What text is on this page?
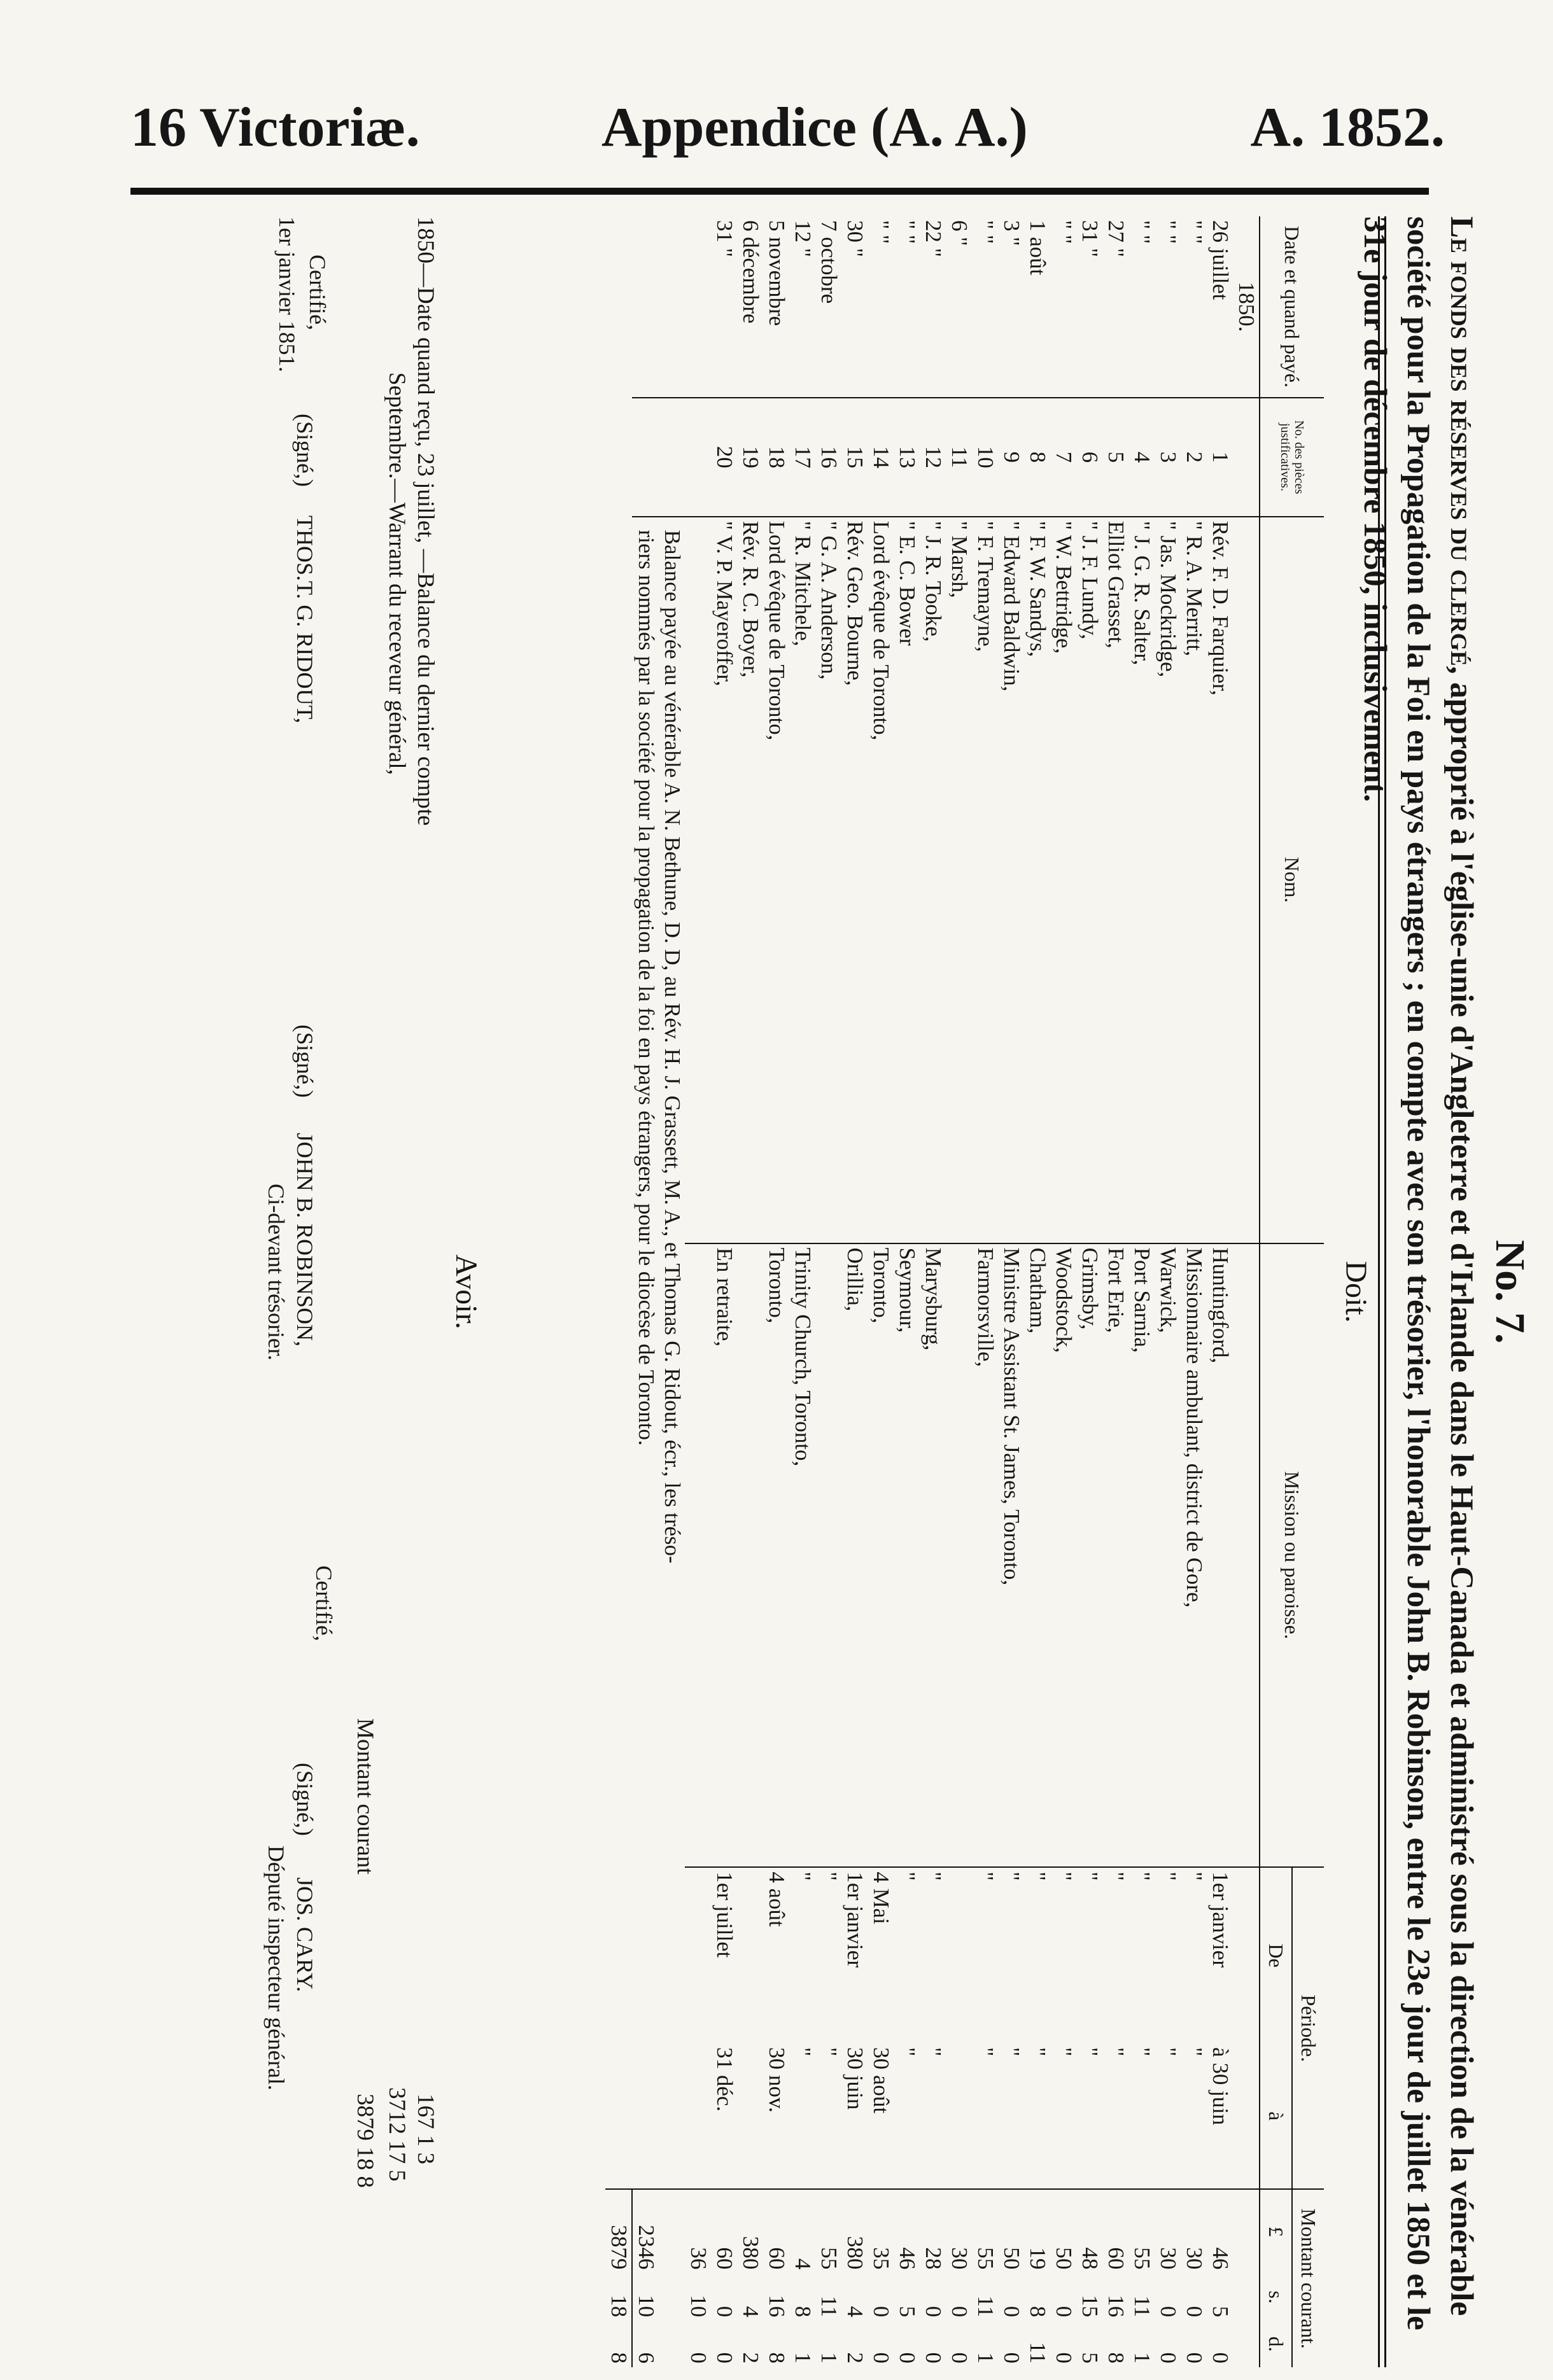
16 Victoriæ.	Appendice (A. A.)	A. 1852.
No. 7.
Le fonds des réserves du clergé, approprié à l'église-unie d'Angleterre et d'Irlande dans le Haut-Canada et administré sous la direction de la vénérable société pour la Propagation de la Foi en pays étrangers ; en compte avec son trésorier, l'honorable John B. Robinson, entre le 23e jour de juillet 1850 et le 31e jour de décembre 1850, inclusivement.
Doit.
Date et quand payé.	No. des pièces justificatives.	Nom.	Mission ou paroisse.	Période.		Montant courant.		
				De	à	£	s.	d.
1850.								
26 juillet	1	Rév. F. D. Farquier,	Huntingford,	1er janvier	à 30 juin	46	5	0
" "	2	" R. A. Merritt,	Missionnaire ambulant, district de Gore,	"	"	30	0	0
" "	3	" Jas. Mockridge,	Warwick,	"	"	30	0	0
" "	4	" J. G. R. Salter,	Port Sarnia,	"	"	55	11	1
27 "	5	Elliot Grasset,	Fort Erie,	"	"	60	16	8
31 "	6	" J. F. Lundy,	Grimsby,	"	"	48	15	5
" "	7	" W. Bettridge,	Woodstock,	"	"	50	0	0
1 août	8	" F. W. Sandys,	Chatham,	"	"	19	8	11
3 "	9	" Edward Baldwin,	Ministre Assistant St. James, Toronto,	"	"	50	0	0
" "	10	" F. Tremayne,	Farmorsville,	"	"	55	11	1
6 "	11	" Marsh,				30	0	0
22 "	12	" J. R. Tooke,	Marysburg,	"	"	28	0	0
" "	13	" E. C. Bower	Seymour,	"	"	46	5	0
" "	14	Lord évêque de Toronto,	Toronto,	4 Mai	30 août	35	0	0
30 "	15	Rév. Geo. Bourne,	Orillia,	1er janvier	30 juin	380	4	2
7 octobre	16	" G. A. Anderson,		"	"	55	11	1
12 "	17	" R. Mitchele,	Trinity Church, Toronto,	"	"	4	8	1
5 novembre	18	Lord évêque de Toronto,	Toronto,	4 août	30 nov.	60	16	8
6 décembre	19	Rév. R. C. Boyer,				380	4	2
31 "	20	" V. P. Mayeroffer,	En retraite,	1er juillet	31 déc.	60	0	0
						36	10	0
		Balance payée au vénérable A. N. Bethune, D. D, au Rév. H. J. Grassett, M. A., et Thomas G. Ridout, écr., les tréso-						
		riers nommés par la société pour la propagation de la foi en pays étrangers, pour le diocèse de Toronto.				2346	10	6
						3879	18	8
Avoir.
1850—Date quand reçu, 23 juillet, —Balance du dernier compte
167 1 3
Septembre.—Warrant du receveur général,
3712 17 5
Montant courant
3879 18 8
Certifié,
1er janvier 1851.
(Signé,)
THOS.T. G. RIDOUT,
(Signé,)
JOHN B. ROBINSON,
Ci-devant trésorier.
Certifié,
(Signé,)
JOS. CARY.
Député inspecteur général.
